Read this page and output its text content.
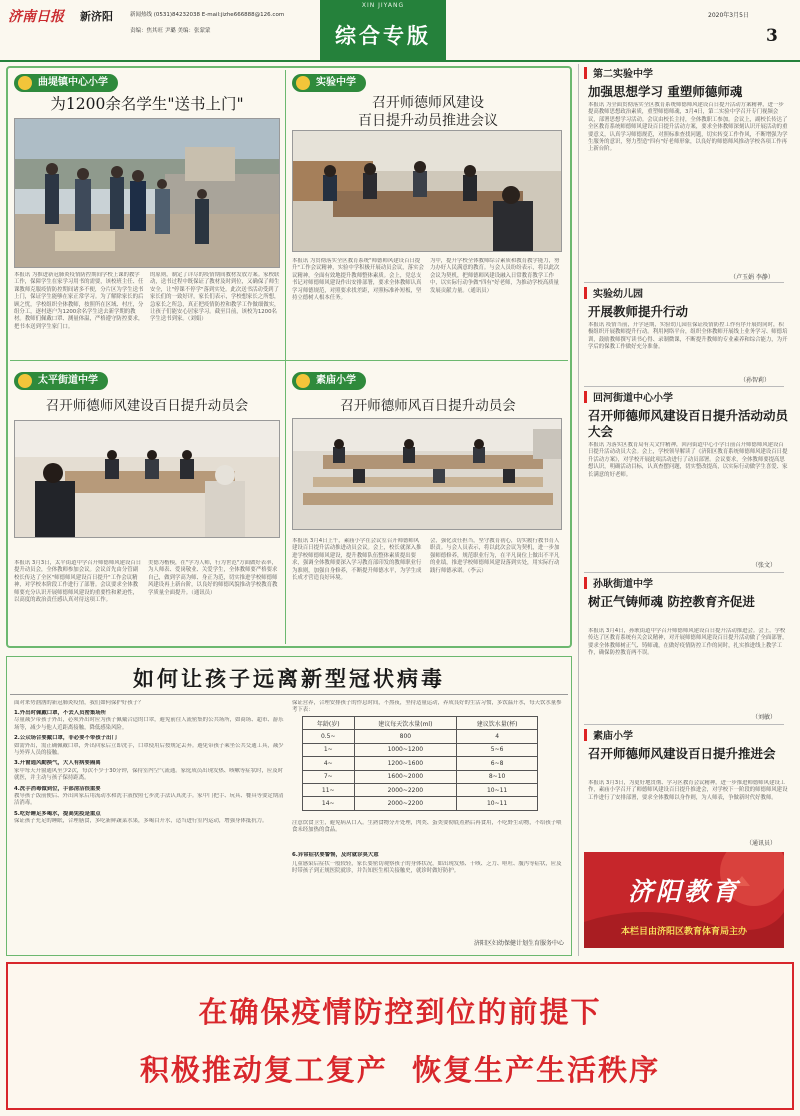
济南日报 新济阳	新闻热线 (0531)84232038 E-mail:jizhe666888@126.com
责编：焦其旺 尹璐 美编：张蒙蒙
XIN JIYANG
综合专版
2020年3月5日
3
曲堤镇中心小学
为1200余名学生"送书上门"
本报讯 为推进新冠肺炎疫情防控期间学校上课的教学工作，保障学生在家学习用书的需要，该校班主任、任课教师克服疫情防控期间诸多不便，分片区为学生送书上门，保证学生能够在家正常学习。为了解除家长的后顾之忧，学校组织全体教师，按照所在区域、村庄，分组分工，逐村逐户为1200余名学生送去新学期的教材。教师们佩戴口罩、测量体温，严格遵守防控要求，把书本送到学生家门口。
的原则，制定了详尽的疫情期间教材发放方案。家校联动，送书过程中既保证了教材及时到位，又确保了师生安全，让"停课不停学"落到实处。此次送书活动受到了家长们的一致好评，家长们表示，学校想家长之所想，急家长之所急，真正把疫情防控和教学工作做细做实，让孩子们能安心居家学习。截至目前，该校为1200名学生送书到家。（刘娟）
实验中学
召开师德师风建设
百日提升动员推进会议
本报讯 为贯彻落实全区教育系统"师德师风建设百日提升"工作会议精神，实验中学积极开展动员会议，落实会议精神，全面有效地提升教师整体素质。会上，党总支书记对师德师风建设作出安排部署，要求全体教师认真学习师德规范，对照要求找差距，对照标准补短板，坚持立德树人根本任务。
为中，提升学校全体教师综合素质和教育教学能力，努力办好人民满意的教育。与会人员纷纷表示，将以此次会议为契机，把师德师风建设融入日常教育教学工作中，以实际行动争做"四有"好老师，为推动学校高质量发展贡献力量。（通讯员）
太平街道中学
召开师德师风建设百日提升动员会
本报讯 3月3日，太平街道中学召开师德师风建设百日提升动员会，全体教师参加会议。会议首先由分管副校长传达了全区"师德师风建设百日提升"工作会议精神，对学校本阶段工作进行了部署。会议要求全体教师要充分认识开展师德师风建设的重要性和紧迫性，以高度的政治责任感认真对待这项工作。
美德为楷模，在"学为人师，行为世范"方面做好表率，为人师表、爱岗敬业、关爱学生，全体教师要严格要求自己，做到学高为师、身正为范，切实推进学校师德师风建设再上新台阶，以良好的师德风貌推动学校教育教学质量全面提升。（通讯员）
素庙小学
召开师德师风百日提升动员会
本报讯 3月4日上午，素庙小学在会议室召开师德师风建设百日提升活动推进动员会议。会上，校长就深入推进学校师德师风建设，提升教师队伍整体素质提出要求，强调全体教师要深入学习教育部印发的教师职业行为准则，加强自身修养，不断提升师德水平，为学生成长成才营造良好环境。
会，强化责任担当，坚守教育初心，切实履行教书育人职责。与会人员表示，将以此次会议为契机，进一步加强师德修养，规范职业行为，在平凡岗位上做出不平凡的业绩，推进学校师德师风建设落到实处，用实际行动践行师德承诺。（李云）
如何让孩子远离新型冠状病毒
面对来势汹汹的新冠肺炎疫情，我们如何保护好孩子？
1.外出时佩戴口罩，不去人员密集场所
尽量减少带孩子外出，必须外出时应为孩子佩戴合适的口罩，避免前往人流密集的公共场所，如商场、超市、游乐场等，减少与他人近距离接触，降低感染风险。
2.公众场合要戴口罩，非必要不带孩子出门
如需外出，需正确佩戴口罩，外出回家后立即洗手，口罩使用后按规定丢弃。避免带孩子乘坐公共交通工具，减少与外界人员的接触。
3.开窗通风勤换气，大人有病要隔离
家中每天开窗通风至少2次，每次不少于30分钟，保持室内空气流通。家庭成员出现发热、咳嗽等症状时，应及时就医，并主动与孩子保持距离。
4.洗手消毒做到位，手部清洁很重要
教导孩子饭前便后、外出回家后用流动水和洗手液按照七步洗手法认真洗手。家中门把手、玩具、餐具等要定期清洁消毒。
5.吃好睡足多喝水，提高免疫是重点
保证孩子充足的睡眠，合理膳食，多吃新鲜蔬菜水果，多喝白开水，适当进行室内运动，增强身体抵抗力。
保证营养，合理安排孩子的作息时间，不熬夜，坚持适量运动，养成良好的生活习惯，多饮温开水，每天饮水量参考下表：
年龄(岁)	建议每天饮水量(ml)	建议饮水量(杯)
0.5~	800	4
1~	1000~1200	5~6
4~	1200~1600	6~8
7~	1600~2000	8~10
11~	2000~2200	10~11
14~	2000~2200	10~11
注意饮食卫生，避免病从口入。生熟食物分开处理，肉类、蛋类要彻底煮熟后再食用，不吃野生动物，不给孩子喂食未经加热的食品。
6.异常症状要警惕，及时就诊莫大意
儿童感染后症状一般较轻，家长要密切观察孩子的身体状况，如出现发热、干咳、乏力、呕吐、腹泻等症状，应及时带孩子到正规医院就诊，并告知医生相关接触史，就诊时做好防护。
济阳区妇幼保健计划生育服务中心
第二实验中学
加强思想学习 重塑师德师魂
本报讯 为全面贯彻落实全区教育系统师德师风建设百日提升活动方案精神，进一步提高教师思想政治素质，重塑师德师魂，3月4日，第二实验中学召开专门视频会议，部署思想学习活动。会议由校长主持，全体教职工参加。会议上，副校长传达了全区教育系统师德师风建设百日提升活动方案，要求全体教师深刻认识开展活动的重要意义，认真学习师德规范，对照标准查找问题，切实转变工作作风，不断增强为学生服务的意识，努力塑造"四有"好老师形象，以良好的师德师风推动学校各项工作再上新台阶。
（卢玉娟 李静）
实验幼儿园
开展教师提升行动
本报讯 疫情当前，开学延期，实验幼儿园在保证疫情防控工作有序开展的同时，积极组织开展教师提升行动。利用网络平台，组织全体教师开展线上业务学习、师德培训，鼓励教师撰写读书心得、录制微课，不断提升教师的专业素养和综合能力，为开学后的保教工作做好充分准备。
（孙智莉）
回河街道中心小学
召开师德师风建设百日提升活动动员大会
本报讯 为落实区教育局有关文件精神，回河街道中心小学日前召开师德师风建设百日提升活动动员大会。会上，学校领导解读了《济阳区教育系统师德师风建设百日提升活动方案》，对学校开展此项活动进行了动员部署。会议要求，全体教师要提高思想认识，明确活动目标，认真查摆问题，切实整改提高，以实际行动做学生喜爱、家长满意的好老师。
（张文）
孙耿街道中学
树正气铸师魂 防控教育齐促进
本报讯 3月4日，孙耿街道中学召开师德师风建设百日提升活动推进会。会上，学校传达了区教育系统有关会议精神，对开展师德师风建设百日提升活动做了全面部署，要求全体教师树正气、铸师魂，在做好疫情防控工作的同时，扎实推进线上教学工作，确保防控教育两不误。
（刘敏）
素庙小学
召开师德师风建设百日提升推进会
本报讯 3月3日，为更好地贯彻、学习区教育会议精神，进一步推进师德师风建设工作，素庙小学召开了师德师风建设百日提升推进会，对学校下一阶段的师德师风建设工作进行了安排部署，要求全体教师以身作则，为人师表，争做新时代好教师。
（通讯员）
济阳教育
本栏目由济阳区教育体育局主办
在确保疫情防控到位的前提下
积极推动复工复产  恢复生产生活秩序
